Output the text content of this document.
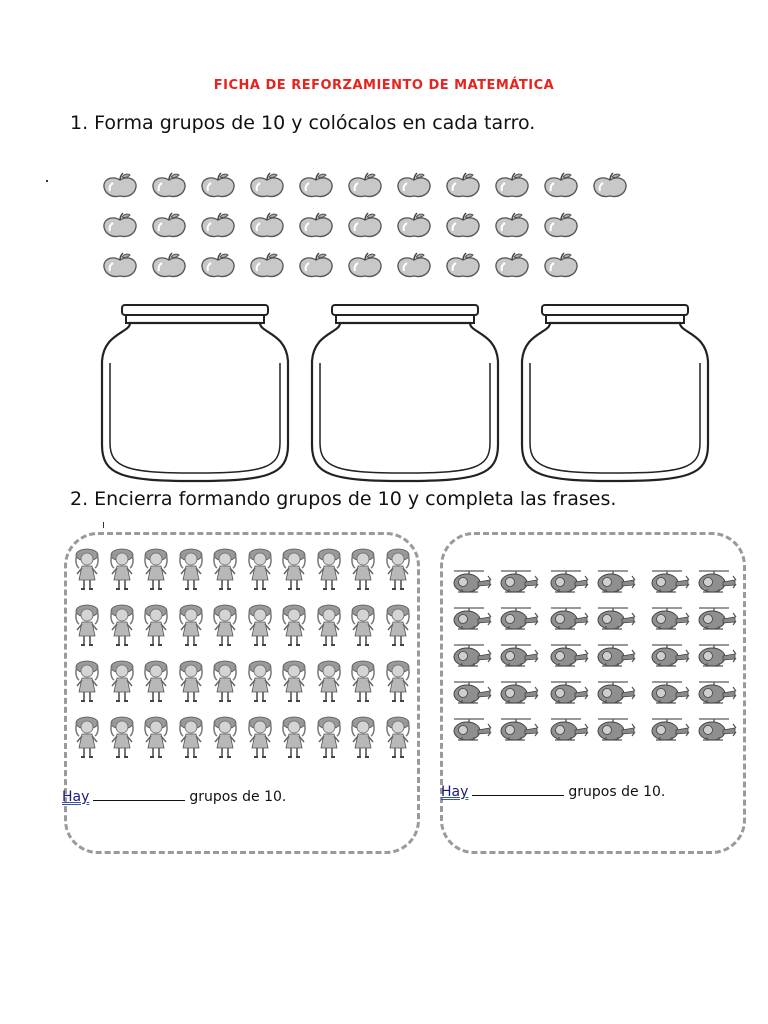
FICHA DE REFORZAMIENTO DE MATEMÁTICA
1. Forma grupos de 10 y colócalos en cada tarro.
2. Encierra formando grupos de 10 y completa las frases.
Hay	grupos de 10.	Hay	grupos de 10.
